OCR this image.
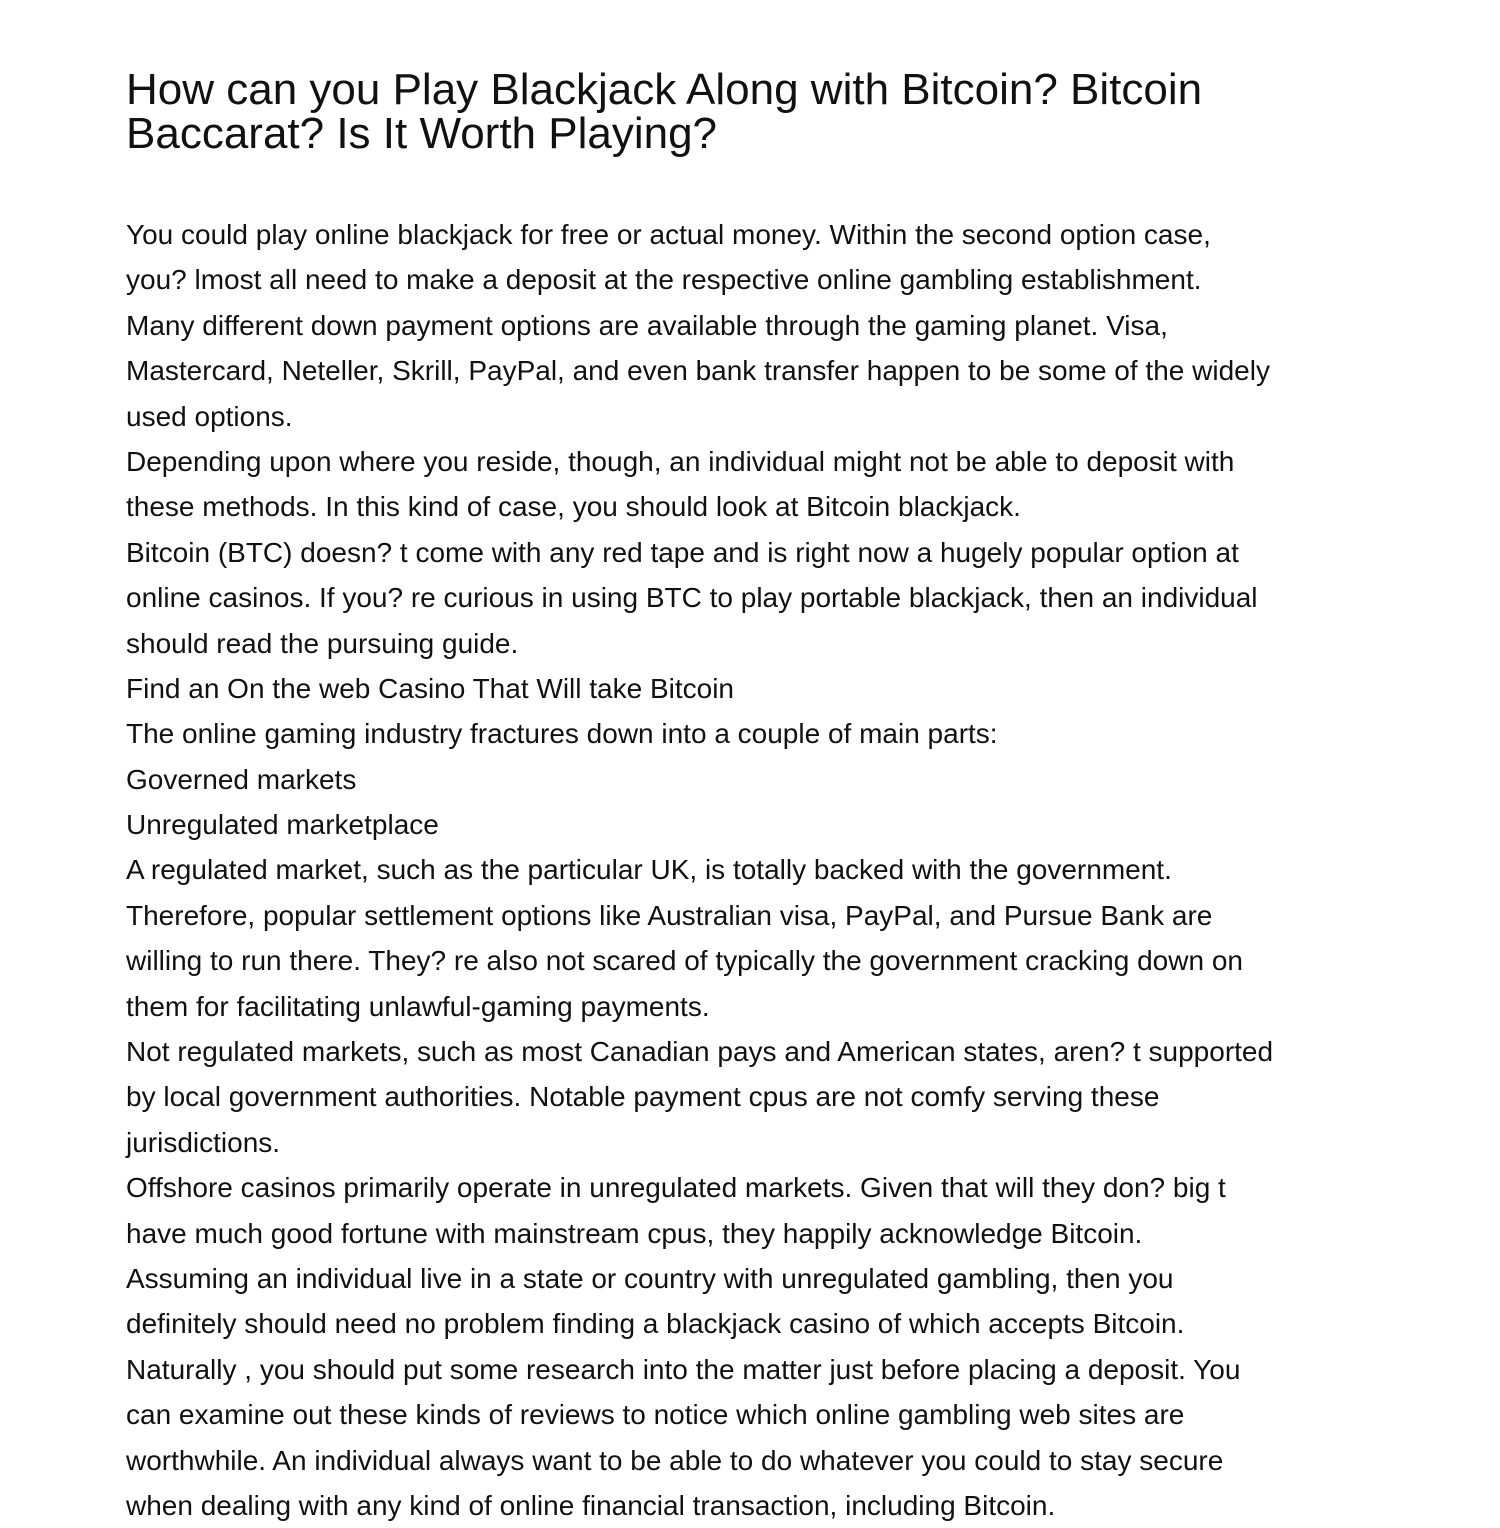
How can you Play Blackjack Along with Bitcoin? Bitcoin
Baccarat? Is It Worth Playing?
You could play online blackjack for free or actual money. Within the second option case,
you? lmost all need to make a deposit at the respective online gambling establishment.
Many different down payment options are available through the gaming planet. Visa,
Mastercard, Neteller, Skrill, PayPal, and even bank transfer happen to be some of the widely
used options.
Depending upon where you reside, though, an individual might not be able to deposit with
these methods. In this kind of case, you should look at Bitcoin blackjack.
Bitcoin (BTC) doesn? t come with any red tape and is right now a hugely popular option at
online casinos. If you? re curious in using BTC to play portable blackjack, then an individual
should read the pursuing guide.
Find an On the web Casino That Will take Bitcoin
The online gaming industry fractures down into a couple of main parts:
Governed markets
Unregulated marketplace
A regulated market, such as the particular UK, is totally backed with the government.
Therefore, popular settlement options like Australian visa, PayPal, and Pursue Bank are
willing to run there. They? re also not scared of typically the government cracking down on
them for facilitating unlawful-gaming payments.
Not regulated markets, such as most Canadian pays and American states, aren? t supported
by local government authorities. Notable payment cpus are not comfy serving these
jurisdictions.
Offshore casinos primarily operate in unregulated markets. Given that will they don? big t
have much good fortune with mainstream cpus, they happily acknowledge Bitcoin.
Assuming an individual live in a state or country with unregulated gambling, then you
definitely should need no problem finding a blackjack casino of which accepts Bitcoin.
Naturally , you should put some research into the matter just before placing a deposit. You
can examine out these kinds of reviews to notice which online gambling web sites are
worthwhile. An individual always want to be able to do whatever you could to stay secure
when dealing with any kind of online financial transaction, including Bitcoin.
